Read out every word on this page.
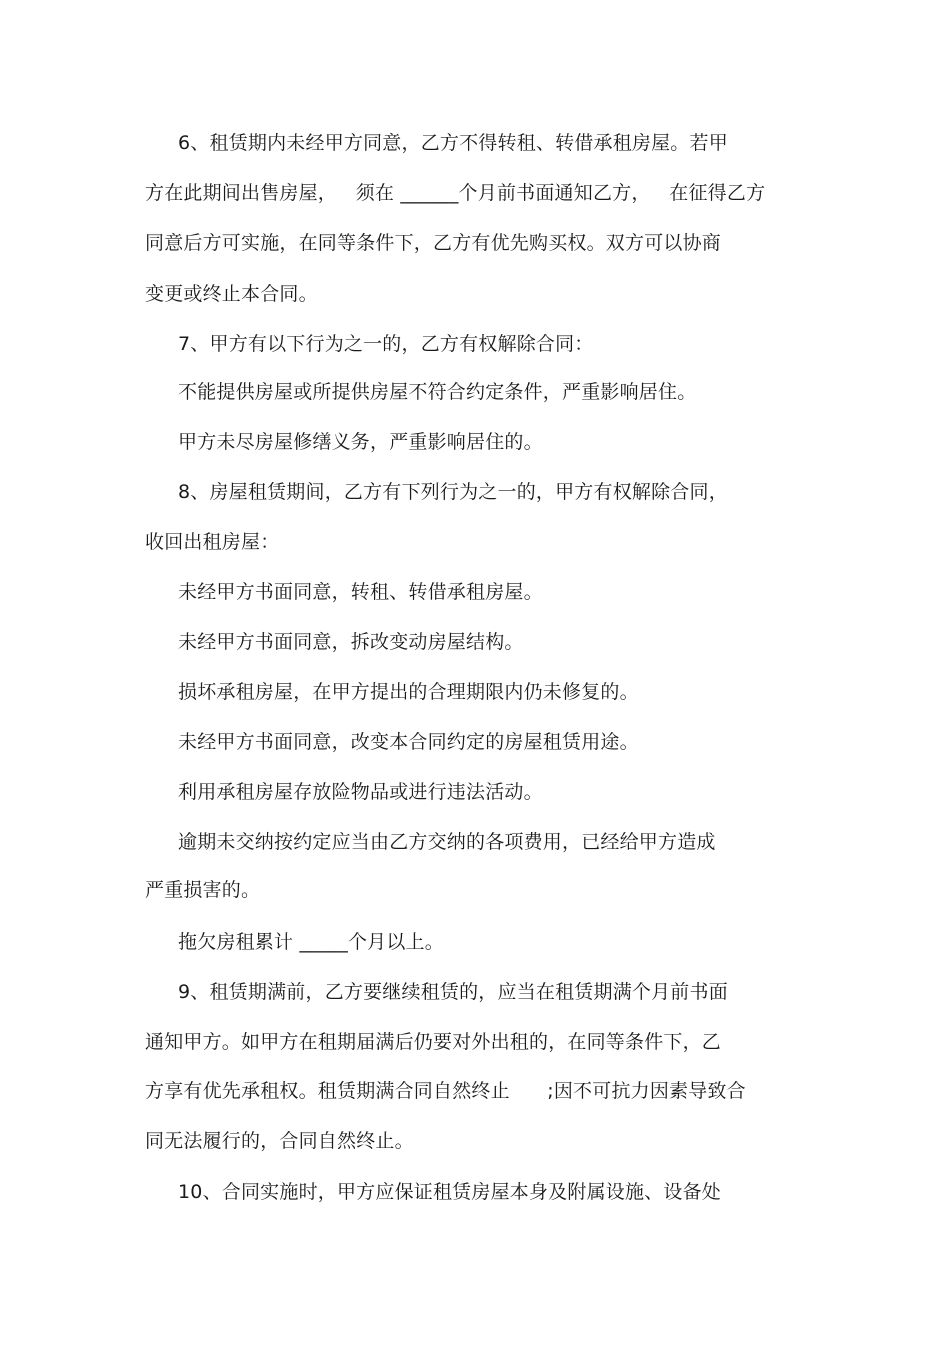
6、租赁期内未经甲方同意，乙方不得转租、转借承租房屋。若甲
方在此期间出售房屋，   须在 ______个月前书面通知乙方，   在征得乙方
同意后方可实施，在同等条件下，乙方有优先购买权。双方可以协商
变更或终止本合同。
7、甲方有以下行为之一的，乙方有权解除合同：
不能提供房屋或所提供房屋不符合约定条件，严重影响居住。
甲方未尽房屋修缮义务，严重影响居住的。
8、房屋租赁期间，乙方有下列行为之一的，甲方有权解除合同，
收回出租房屋：
未经甲方书面同意，转租、转借承租房屋。
未经甲方书面同意，拆改变动房屋结构。
损坏承租房屋，在甲方提出的合理期限内仍未修复的。
未经甲方书面同意，改变本合同约定的房屋租赁用途。
利用承租房屋存放险物品或进行违法活动。
逾期未交纳按约定应当由乙方交纳的各项费用，已经给甲方造成
严重损害的。
拖欠房租累计 _____个月以上。
9、租赁期满前，乙方要继续租赁的，应当在租赁期满个月前书面
通知甲方。如甲方在租期届满后仍要对外出租的，在同等条件下，乙
方享有优先承租权。租赁期满合同自然终止      ;因不可抗力因素导致合
同无法履行的，合同自然终止。
10、合同实施时，甲方应保证租赁房屋本身及附属设施、设备处
